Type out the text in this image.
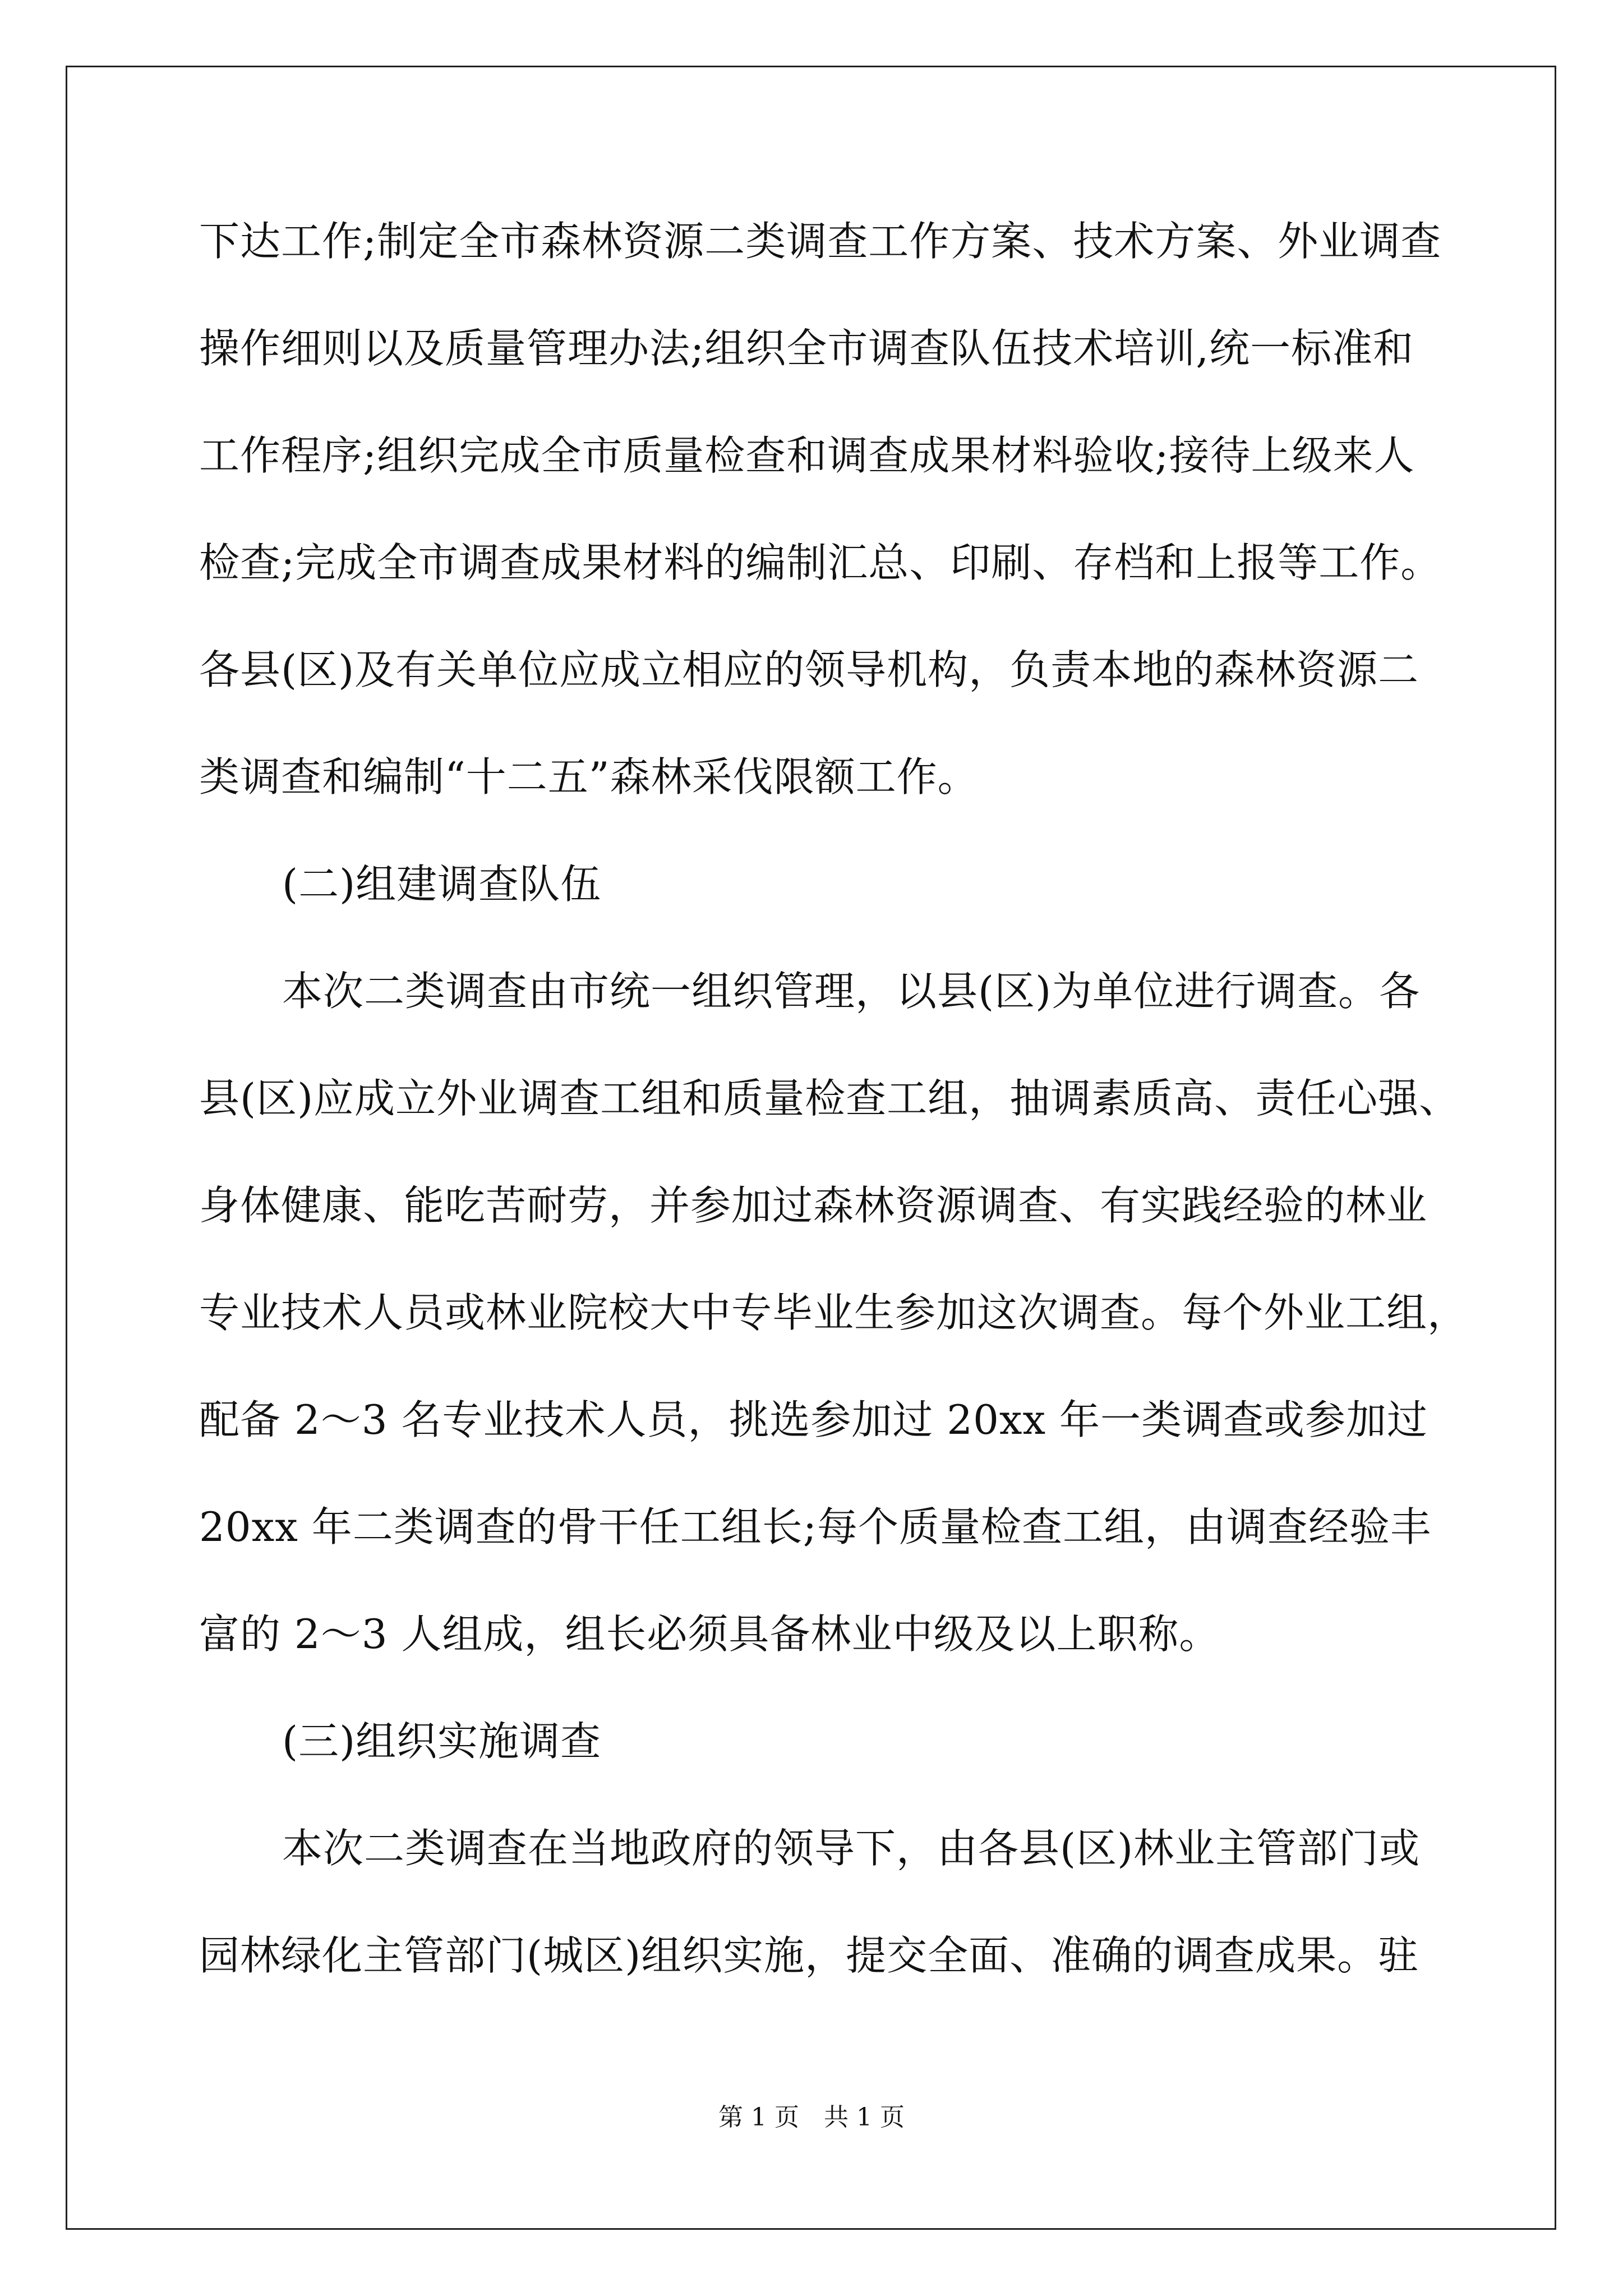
下达工作;制定全市森林资源二类调查工作方案、技术方案、外业调查
操作细则以及质量管理办法;组织全市调查队伍技术培训,统一标准和
工作程序;组织完成全市质量检查和调查成果材料验收;接待上级来人
检查;完成全市调查成果材料的编制汇总、印刷、存档和上报等工作。
各县(区)及有关单位应成立相应的领导机构，负责本地的森林资源二
类调查和编制“十二五”森林采伐限额工作。
(二)组建调查队伍
本次二类调查由市统一组织管理，以县(区)为单位进行调查。各
县(区)应成立外业调查工组和质量检查工组，抽调素质高、责任心强、
身体健康、能吃苦耐劳，并参加过森林资源调查、有实践经验的林业
专业技术人员或林业院校大中专毕业生参加这次调查。每个外业工组，
配备 2～3 名专业技术人员，挑选参加过 20xx 年一类调查或参加过
20xx 年二类调查的骨干任工组长;每个质量检查工组，由调查经验丰
富的 2～3 人组成，组长必须具备林业中级及以上职称。
(三)组织实施调查
本次二类调查在当地政府的领导下，由各县(区)林业主管部门或
园林绿化主管部门(城区)组织实施，提交全面、准确的调查成果。驻
第 1 页　共 1 页
